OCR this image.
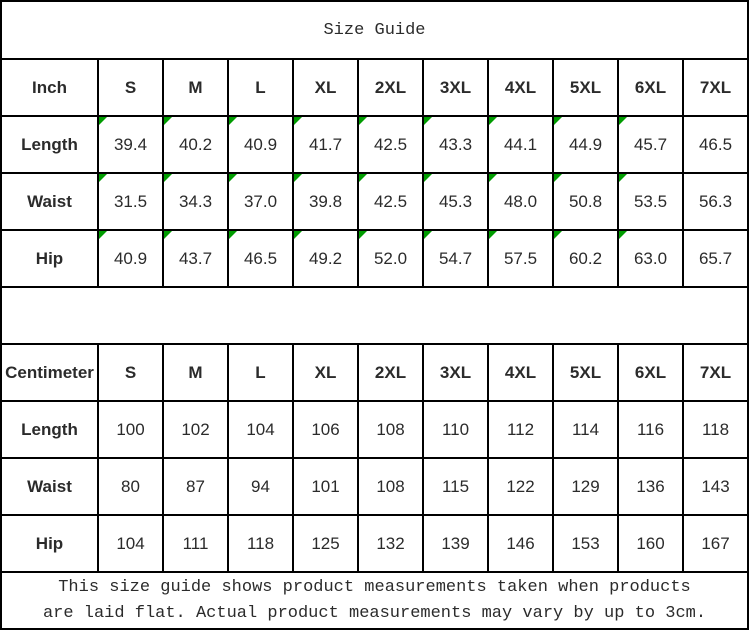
Size Guide										
Inch	S	M	L	XL	2XL	3XL	4XL	5XL	6XL	7XL
Length	39.4	40.2	40.9	41.7	42.5	43.3	44.1	44.9	45.7	46.5
Waist	31.5	34.3	37.0	39.8	42.5	45.3	48.0	50.8	53.5	56.3
Hip	40.9	43.7	46.5	49.2	52.0	54.7	57.5	60.2	63.0	65.7

Centimeter	S	M	L	XL	2XL	3XL	4XL	5XL	6XL	7XL
Length	100	102	104	106	108	110	112	114	116	118
Waist	80	87	94	101	108	115	122	129	136	143
Hip	104	111	118	125	132	139	146	153	160	167

This size guide shows product measurements taken when products
are laid flat. Actual product measurements may vary by up to 3cm.										
